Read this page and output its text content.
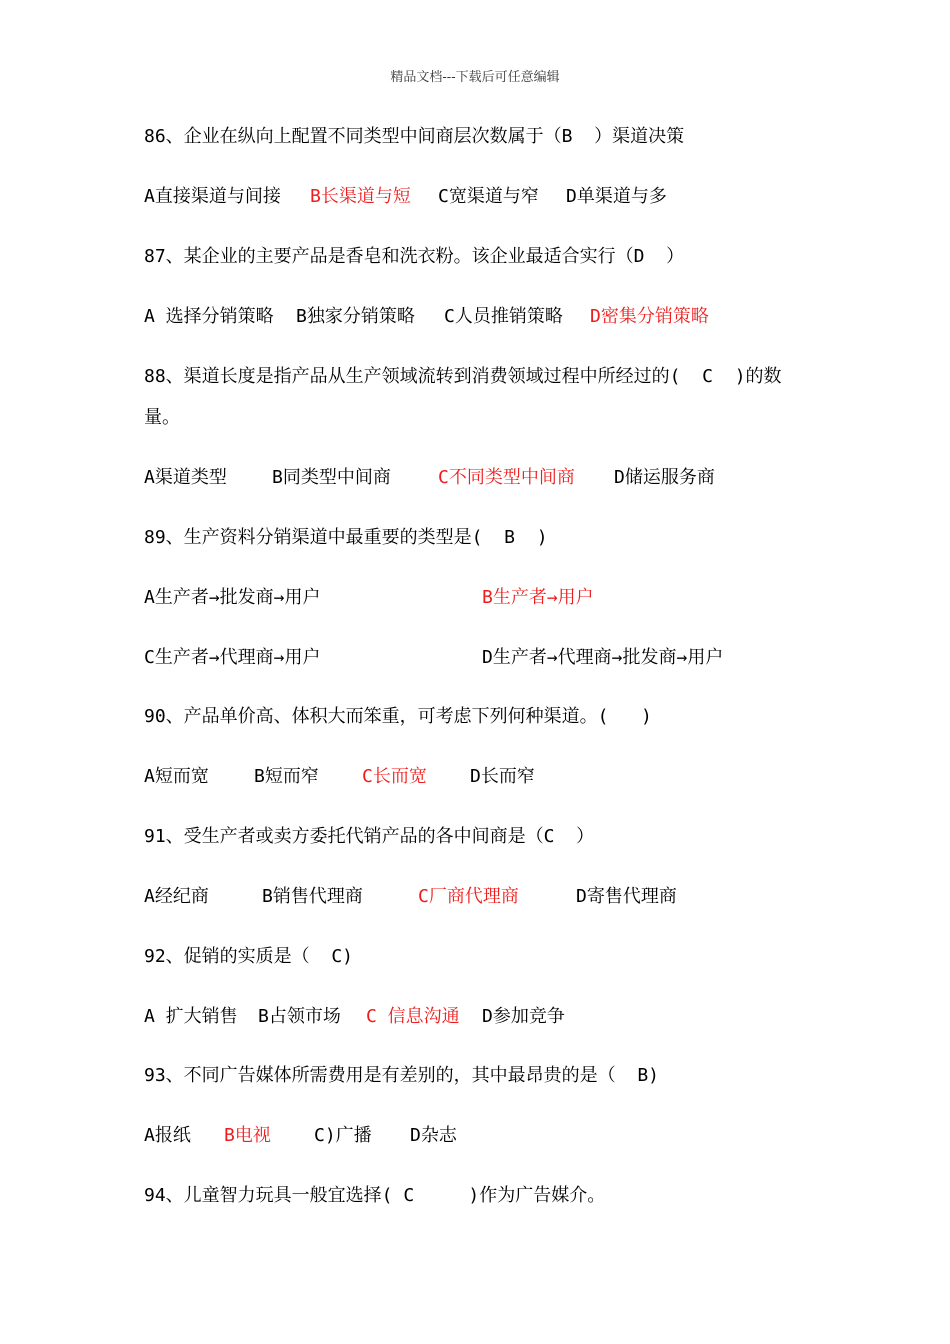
精品文档---下载后可任意编辑
86、企业在纵向上配置不同类型中间商层次数属于（B  ）渠道决策
A直接渠道与间接 B长渠道与短 C宽渠道与窄 D单渠道与多
87、某企业的主要产品是香皂和洗衣粉。该企业最适合实行（D  ）
A 选择分销策略 B独家分销策略 C人员推销策略 D密集分销策略
88、渠道长度是指产品从生产领域流转到消费领域过程中所经过的(  C  )的数
量。
A渠道类型	B同类型中间商	C不同类型中间商 D储运服务商
89、生产资料分销渠道中最重要的类型是(  B  )
A生产者→批发商→用户	B生产者→用户
C生产者→代理商→用户	D生产者→代理商→批发商→用户
90、产品单价高、体积大而笨重，可考虑下列何种渠道。(   )
A短而宽	B短而窄 C长而宽 D长而窄
91、受生产者或卖方委托代销产品的各中间商是（C  ）
A经纪商	B销售代理商	C厂商代理商	D寄售代理商
92、促销的实质是（  C)
A 扩大销售 B占领市场 C 信息沟通 D参加竞争
93、不同广告媒体所需费用是有差别的，其中最昂贵的是（  B)
A报纸 B电视 C)广播 D杂志
94、儿童智力玩具一般宜选择( C     )作为广告媒介。
